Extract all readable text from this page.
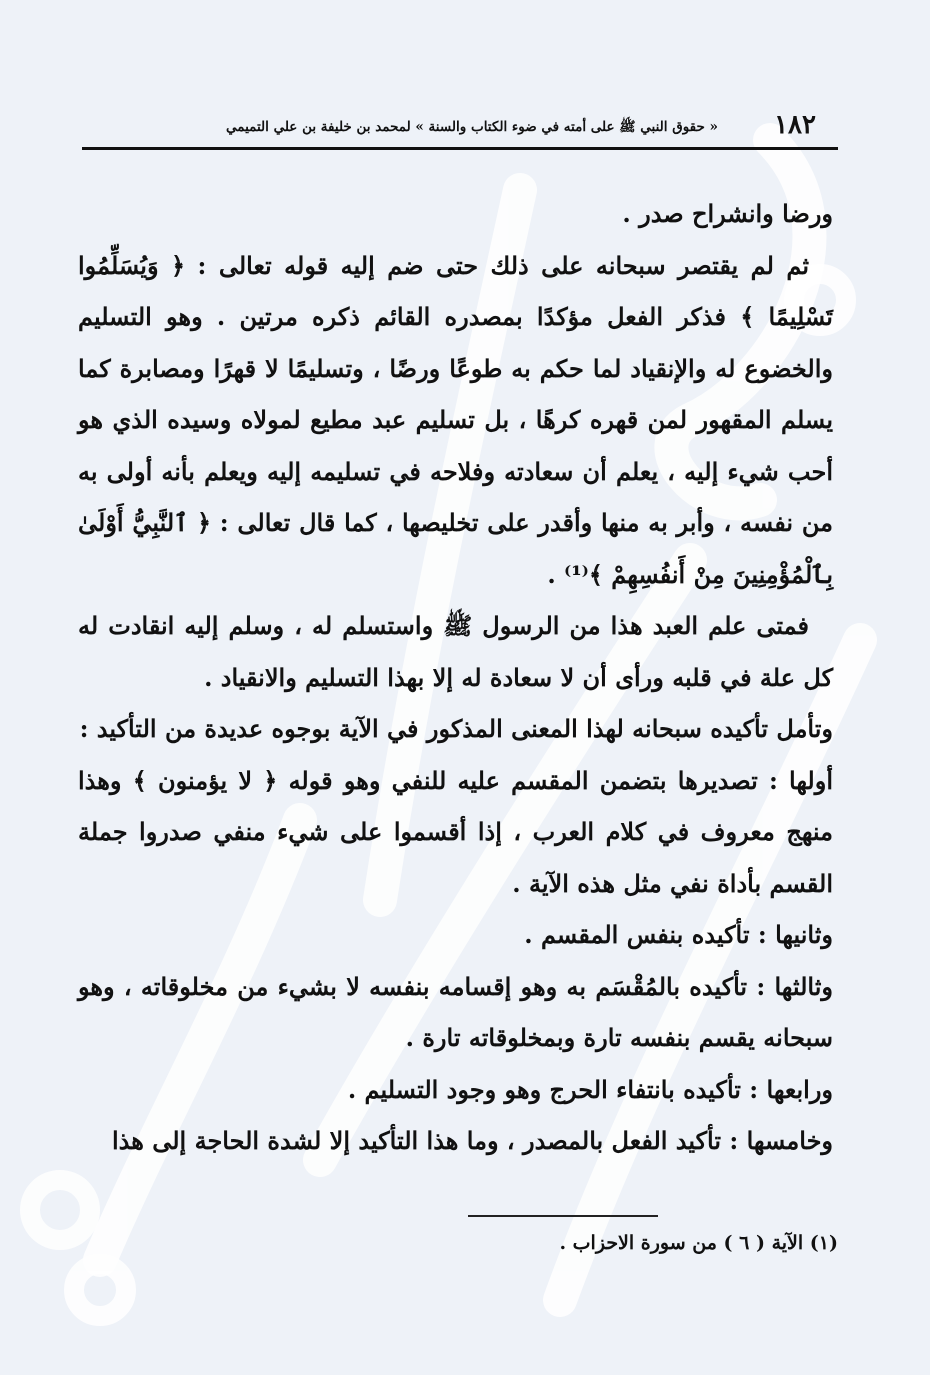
١٨٢
« حقوق النبي ﷺ على أمته في ضوء الكتاب والسنة » لمحمد بن خليفة بن علي التميمي

ورضا وانشراح صدر .

ثم لم يقتصر سبحانه على ذلك حتى ضم إليه قوله تعالى : ﴿ وَيُسَلِّمُوا تَسْلِيمًا ﴾ فذكر الفعل مؤكدًا بمصدره القائم ذكره مرتين . وهو التسليم والخضوع له والإنقياد لما حكم به طوعًا ورضًا ، وتسليمًا لا قهرًا ومصابرة كما يسلم المقهور لمن قهره كرهًا ، بل تسليم عبد مطيع لمولاه وسيده الذي هو أحب شيء إليه ، يعلم أن سعادته وفلاحه في تسليمه إليه ويعلم بأنه أولى به من نفسه ، وأبر به منها وأقدر على تخليصها ، كما قال تعالى : ﴿ ٱلنَّبِيُّ أَوْلَىٰ بِٱلْمُؤْمِنِينَ مِنْ أَنفُسِهِمْ ﴾⁽¹⁾ .

فمتى علم العبد هذا من الرسول ﷺ واستسلم له ، وسلم إليه انقادت له كل علة في قلبه ورأى أن لا سعادة له إلا بهذا التسليم والانقياد .

وتأمل تأكيده سبحانه لهذا المعنى المذكور في الآية بوجوه عديدة من التأكيد :

أولها : تصديرها بتضمن المقسم عليه للنفي وهو قوله ﴿ لا يؤمنون ﴾ وهذا منهج معروف في كلام العرب ، إذا أقسموا على شيء منفي صدروا جملة القسم بأداة نفي مثل هذه الآية .

وثانيها : تأكيده بنفس المقسم .

وثالثها : تأكيده بالمُقْسَم به وهو إقسامه بنفسه لا بشيء من مخلوقاته ، وهو سبحانه يقسم بنفسه تارة وبمخلوقاته تارة .

ورابعها : تأكيده بانتفاء الحرج وهو وجود التسليم .

وخامسها : تأكيد الفعل بالمصدر ، وما هذا التأكيد إلا لشدة الحاجة إلى هذا

(١) الآية ( ٦ ) من سورة الاحزاب .
